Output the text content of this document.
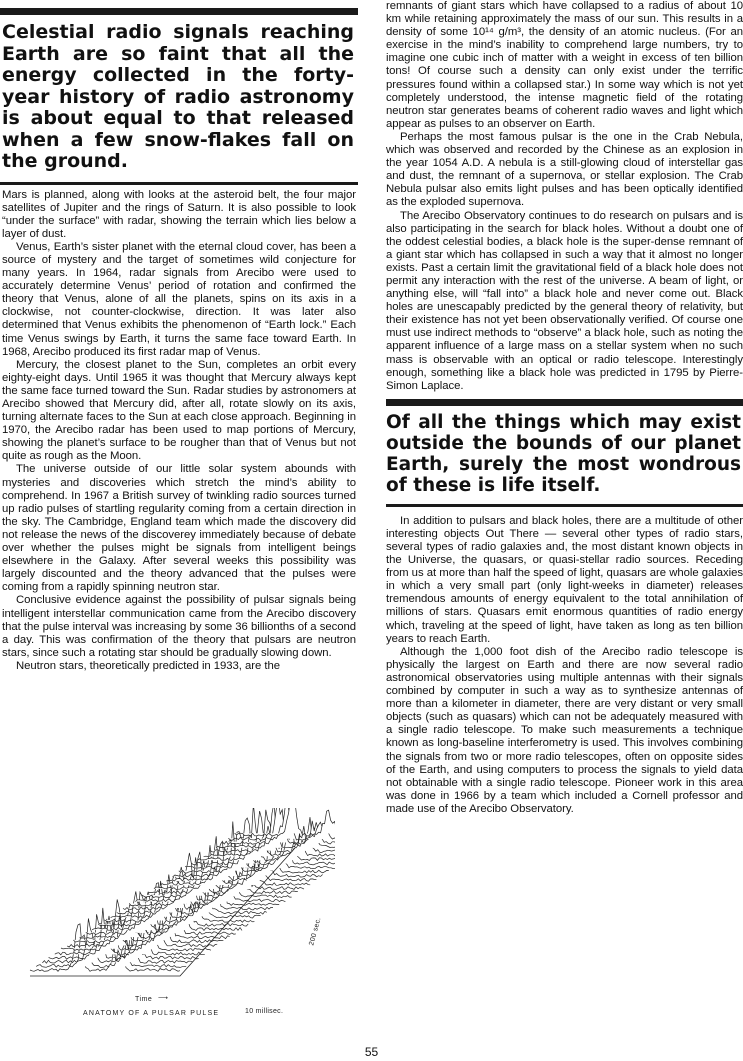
Celestial radio signals reaching Earth are so faint that all the energy collected in the forty-year history of radio astronomy is about equal to that released when a few snow-flakes fall on the ground.

Mars is planned, along with looks at the asteroid belt, the four major satellites of Jupiter and the rings of Saturn. It is also possible to look “under the surface” with radar, showing the terrain which lies below a layer of dust.

Venus, Earth’s sister planet with the eternal cloud cover, has been a source of mystery and the target of sometimes wild conjecture for many years. In 1964, radar signals from Arecibo were used to accurately determine Venus’ period of rotation and confirmed the theory that Venus, alone of all the planets, spins on its axis in a clockwise, not counter-clockwise, direction. It was later also determined that Venus exhibits the phenomenon of “Earth lock.” Each time Venus swings by Earth, it turns the same face toward Earth. In 1968, Arecibo produced its first radar map of Venus.

Mercury, the closest planet to the Sun, completes an orbit every eighty-eight days. Until 1965 it was thought that Mercury always kept the same face turned toward the Sun. Radar studies by astronomers at Arecibo showed that Mercury did, after all, rotate slowly on its axis, turning alternate faces to the Sun at each close approach. Beginning in 1970, the Arecibo radar has been used to map portions of Mercury, showing the planet’s surface to be rougher than that of Venus but not quite as rough as the Moon.

The universe outside of our little solar system abounds with mysteries and discoveries which stretch the mind’s ability to comprehend. In 1967 a British survey of twinkling radio sources turned up radio pulses of startling regularity coming from a certain direction in the sky. The Cambridge, England team which made the discovery did not release the news of the discoverey immediately because of debate over whether the pulses might be signals from intelligent beings elsewhere in the Galaxy. After several weeks this possibility was largely discounted and the theory advanced that the pulses were coming from a rapidly spinning neutron star.

Conclusive evidence against the possibility of pulsar signals being intelligent interstellar communication came from the Arecibo discovery that the pulse interval was increasing by some 36 billionths of a second a day. This was confirmation of the theory that pulsars are neutron stars, since such a rotating star should be gradually slowing down.

Neutron stars, theoretically predicted in 1933, are the

Time ⟶
10 millisec.
200 sec.
ANATOMY OF A PULSAR PULSE

remnants of giant stars which have collapsed to a radius of about 10 km while retaining approximately the mass of our sun. This results in a density of some 10¹⁴ g/m³, the density of an atomic nucleus. (For an exercise in the mind’s inability to comprehend large numbers, try to imagine one cubic inch of matter with a weight in excess of ten billion tons! Of course such a density can only exist under the terrific pressures found within a collapsed star.) In some way which is not yet completely understood, the intense magnetic field of the rotating neutron star generates beams of coherent radio waves and light which appear as pulses to an observer on Earth.

Perhaps the most famous pulsar is the one in the Crab Nebula, which was observed and recorded by the Chinese as an explosion in the year 1054 A.D. A nebula is a still-glowing cloud of interstellar gas and dust, the remnant of a supernova, or stellar explosion. The Crab Nebula pulsar also emits light pulses and has been optically identified as the exploded supernova.

The Arecibo Observatory continues to do research on pulsars and is also participating in the search for black holes. Without a doubt one of the oddest celestial bodies, a black hole is the super-dense remnant of a giant star which has collapsed in such a way that it almost no longer exists. Past a certain limit the gravitational field of a black hole does not permit any interaction with the rest of the universe. A beam of light, or anything else, will “fall into” a black hole and never come out. Black holes are unescapably predicted by the general theory of relativity, but their existence has not yet been observationally verified. Of course one must use indirect methods to “observe” a black hole, such as noting the apparent influence of a large mass on a stellar system when no such mass is observable with an optical or radio telescope. Interestingly enough, something like a black hole was predicted in 1795 by Pierre-Simon Laplace.

Of all the things which may exist outside the bounds of our planet Earth, surely the most wondrous of these is life itself.

In addition to pulsars and black holes, there are a multitude of other interesting objects Out There — several other types of radio stars, several types of radio galaxies and, the most distant known objects in the Universe, the quasars, or quasi-stellar radio sources. Receding from us at more than half the speed of light, quasars are whole galaxies in which a very small part (only light-weeks in diameter) releases tremendous amounts of energy equivalent to the total annihilation of millions of stars. Quasars emit enormous quantities of radio energy which, traveling at the speed of light, have taken as long as ten billion years to reach Earth.

Although the 1,000 foot dish of the Arecibo radio telescope is physically the largest on Earth and there are now several radio astronomical observatories using multiple antennas with their signals combined by computer in such a way as to synthesize antennas of more than a kilometer in diameter, there are very distant or very small objects (such as quasars) which can not be adequately measured with a single radio telescope. To make such measurements a technique known as long-baseline interferometry is used. This involves combining the signals from two or more radio telescopes, often on opposite sides of the Earth, and using computers to process the signals to yield data not obtainable with a single radio telescope. Pioneer work in this area was done in 1966 by a team which included a Cornell professor and made use of the Arecibo Observatory.

55
